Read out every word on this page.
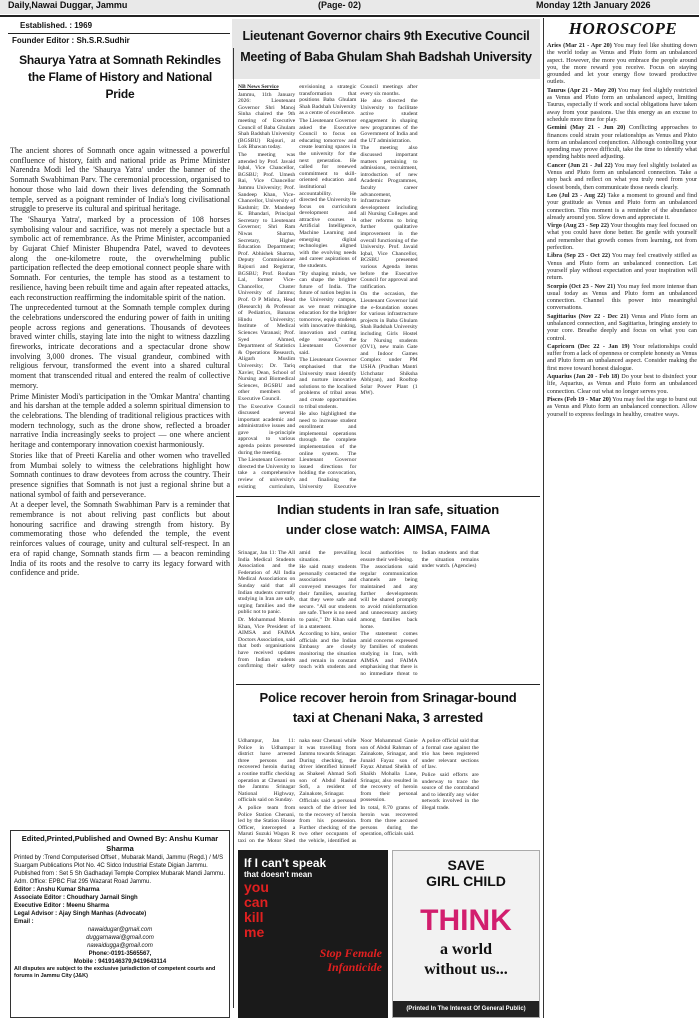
Daily,Nawai Duggar, Jammu	(Page- 02)	Monday 12th January 2026
Established. : 1969
Founder Editor : Sh.S.R.Sudhir	Lieutenant Governor chairs 9th Executive Council
Meeting of Baba Ghulam Shah Badshah University
HOROSCOPE
Shaurya Yatra at Somnath Rekindles the Flame of History and National Pride

The ancient shores of Somnath once again witnessed a powerful confluence of history, faith and national pride as Prime Minister Narendra Modi led the 'Shaurya Yatra' under the banner of the Somnath Swabhiman Parv. The ceremonial procession, organised to honour those who laid down their lives defending the Somnath temple, served as a poignant reminder of India's long civilisational struggle to preserve its cultural and spiritual heritage.

The 'Shaurya Yatra', marked by a procession of 108 horses symbolising valour and sacrifice, was not merely a spectacle but a symbolic act of remembrance. As the Prime Minister, accompanied by Gujarat Chief Minister Bhupendra Patel, waved to devotees along the one-kilometre route, the overwhelming public participation reflected the deep emotional connect people share with Somnath. For centuries, the temple has stood as a testament to resilience, having been rebuilt time and again after repeated attacks, each reconstruction reaffirming the indomitable spirit of the nation.

The unprecedented turnout at the Somnath temple complex during the celebrations underscored the enduring power of faith in uniting people across regions and generations. Thousands of devotees braved winter chills, staying late into the night to witness dazzling fireworks, intricate decorations and a spectacular drone show involving 3,000 drones. The visual grandeur, combined with religious fervour, transformed the event into a shared cultural moment that transcended ritual and entered the realm of collective memory.

Prime Minister Modi's participation in the 'Omkar Mantra' chanting and his darshan at the temple added a solemn spiritual dimension to the celebrations. The blending of traditional religious practices with modern technology, such as the drone show, reflected a broader narrative India increasingly seeks to project — one where ancient heritage and contemporary innovation coexist harmoniously.

Stories like that of Preeti Karelia and other women who travelled from Mumbai solely to witness the celebrations highlight how Somnath continues to draw devotees from across the country. Their presence signifies that Somnath is not just a regional shrine but a national symbol of faith and perseverance.

At a deeper level, the Somnath Swabhiman Parv is a reminder that remembrance is not about reliving past conflicts but about honouring sacrifice and drawing strength from history. By commemorating those who defended the temple, the event reinforces values of courage, unity and cultural self-respect. In an era of rapid change, Somnath stands firm — a beacon reminding India of its roots and the resolve to carry its legacy forward with confidence and pride.

Edited,Printed,Published and Owned By: Anshu Kumar Sharma
Printed by :Trend Computerised Offset , Mubarak Mandi, Jammu (Regd.) / M/S Suargam Publications Plot No. 4C Sidco Industrial Estate Digian Jammu.
Published from : Set 5 Sh Gadhadayi Temple Complex Mubarak Mandi Jammu.
Adm. Office: EPBC Flat 295 Wazarat Road Jammu.
Editor : Anshu Kumar Sharma
Associate Editor : Choudhary Jarnail Singh
Executive Editor : Meenu Sharma
Legal Advisor : Ajay Singh Manhas (Advocate)
Email :
nawaidugar@gmail.com
duggarnawai@gmail.com
nawaidugga@gmail.com
Phone:-0191-3565567,
Mobile : 9419146379,9419643114
All disputes are subject to the exclusive jurisdiction of competent courts and forums in Jammu City (J&K)

NB News Service

Jammu, 11th January 2026: Lieutenant Governor Shri Manoj Sinha chaired the 9th meeting of Executive Council of Baba Ghulam Shah Badshah University (BGSBU) Rajouri, at Lok Bhawan today.

The meeting was attended by Prof. Javaid Iqbal, Vice Chancellor, BGSBU; Prof. Umesh Rai, Vice Chancellor Jammu University; Prof. Sandeep Khan, Vice-Chancellor, University of Kashmir; Dr. Mandeep K. Bhandari, Principal Secretary to Lieutenant Governor; Shri Ram Niwas Sharma, Secretary, Higher Education Department; Prof. Abhishek Sharma, Deputy Commissioner Rajouri and Registrar, BGSBU; Prof. Rouhan Lal, former Vice-Chancellor, Cluster University of Jammu; Prof. O P Mishra, Head (Research) & Professor of Pediatrics, Banaras Hindu University; Institute of Medical Sciences Varanasi; Prof. Syed Ahmed, Department of Statistics & Operations Research, Aligarh Muslim University; Dr. Tariq Xavier, Dean, School of Nursing and Biomedical Sciences, BGSBU and other members of Executive Council.

The Executive Council discussed several important academic and administrative issues and gave in-principle approval to various agenda points presented during the meeting.

The Lieutenant Governor directed the University to take a comprehensive review of university's existing curriculum, envisioning a strategic transformation that positions Baba Ghulam Shah Badshah University as a centre of excellence.

The Lieutenant Governor asked the Executive Council to focus on educating tomorrow and create learning spaces in the university for the next generation. He called for renewed commitment to skill-oriented education and institutional accountability. He directed the University to focus on curriculum development and attractive courses in Artificial Intelligence, Machine Learning and emerging digital technologies aligned with the evolving needs and career aspirations of the students.

"By shaping minds, we can shape the brighter future of India. The future of nation begins in the University campus, as we must reimagine education for the brighter tomorrow, equip students with innovative thinking, innovation and cutting edge research," the Lieutenant Governor said.

The Lieutenant Governor emphasised that the University must identify and nurture innovative solutions to the localised problems of tribal areas and create opportunities to tribal students.

He also highlighted the need to increase student enrollment and implemental operations through the complete implementation of the online system. The Lieutenant Governor issued directions for holding the convocation, and finalising the University Executive Council meetings after every six months.

He also directed the University to facilitate active student engagement in shaping new programmes of the Government of India and the UT administration.

The meeting also discussed important matters pertaining to admissions, recruitment, introduction of new Academic Programmes, faculty career advancement, infrastructure development including all Nursing Colleges and other reforms to bring further qualitative improvement in the overall functioning of the University. Prof. Javaid Iqbal, Vice Chancellor, BGSBU presented various Agenda items before the Executive Council for approval and ratification.

On the occasion, the Lieutenant Governor laid the e-foundation stones for various infrastructure projects in Baba Ghulam Shah Badshah University including Girls Hostel for Nursing students (OV1), new main Gate and Indoor Games Complex under PM USHA (Pradhan Mantri Uchchatar Shiksha Abhiyan), and Rooftop Solar Power Plant (1 MW).

Indian students in Iran safe, situation
under close watch: AIMSA, FAIMA

Srinagar, Jan 11: The All India Medical Students Association and the Federation of All India Medical Associations on Sunday said that all Indian students currently studying in Iran are safe, urging families and the public not to panic.

Dr. Mohammad Momin Khan, Vice President of AIMSA and FAIMA Doctors Association, said that both organisations have received updates from Indian students confirming their safety amid the prevailing situation.

He said many students personally contacted the associations and conveyed messages for their families, assuring that they were safe and secure. "All our students are safe. There is no need to panic," Dr Khan said in a statement.

According to him, senior officials and the Indian Embassy are closely monitoring the situation and remain in constant touch with students and local authorities to ensure their well-being.

The associations said regular communication channels are being maintained and any further developments will be shared promptly to avoid misinformation and unnecessary anxiety among families back home.

The statement comes amid concerns expressed by families of students studying in Iran, with AIMSA and FAIMA emphasising that there is no immediate threat to Indian students and that the situation remains under watch. (Agencies)

Police recover heroin from Srinagar-bound
taxi at Chenani Naka, 3 arrested

Udhampur, Jan 11: Police in Udhampur district have arrested three persons and recovered heroin during a routine traffic checking operation at Chenani on the Jammu Srinagar National Highway, officials said on Sunday.

A police team from Police Station Chenani, led by the Station House Officer, intercepted a Maruti Suzuki Wagon R taxi on the Motor Shed naka near Chenani while it was travelling from Jammu towards Srinagar. During checking, the driver identified himself as Shakeel Ahmad Sofi son of Abdul Rashid Sofi, a resident of Zainakote, Srinagar.

Officials said a personal search of the driver led to the recovery of heroin from his possession. Further checking of the two other occupants of the vehicle, identified as Noor Mohammad Ganie son of Abdul Rahman of Zainakote, Srinagar, and Junaid Fayaz son of Fayaz Ahmad Sheikh of Shaikh Mohalla Lane, Srinagar, also resulted in the recovery of heroin from their personal possession.

In total, 8.70 grams of heroin was recovered from the three accused persons during the operation, officials said.

A police official said that a formal case against the trio has been registered under relevant sections of law.

Police said efforts are underway to trace the source of the contraband and to identify any wider network involved in the illegal trade.

If I can't speak
that doesn't mean
you
can
kill
me
Stop Female
Infanticide
SAVE
GIRL CHILD
THINK
a world
without us...
(Printed In The Interest Of General Public)

Aries (Mar 21 - Apr 20) You may feel like shutting down the world today as Venus and Pluto form an unbalanced aspect. However, the more you embrace the people around you, the more reward you receive. Focus on staying grounded and let your energy flow toward productive outlets.

Taurus (Apr 21 - May 20) You may feel slightly restricted as Venus and Pluto form an unbalanced aspect, limiting Taurus, especially if work and social obligations have taken away from your passions. Use this energy as an excuse to schedule more time for play.

Gemini (May 21 - Jun 20) Conflicting approaches to finances could strain your relationships as Venus and Pluto form an unbalanced conjunction. Although controlling your spending may prove difficult, take the time to identify what spending habits need adjusting.

Cancer (Jun 21 - Jul 22) You may feel slightly isolated as Venus and Pluto form an unbalanced connection. Take a step back and reflect on what you truly need from your closest bonds, then communicate those needs clearly.

Leo (Jul 23 - Aug 22) Take a moment to ground and find your gratitude as Venus and Pluto form an unbalanced connection. This moment is a reminder of the abundance already around you. Slow down and appreciate it.

Virgo (Aug 23 - Sep 22) Your thoughts may feel focused on what you could have done better. Be gentle with yourself and remember that growth comes from learning, not from perfection.

Libra (Sep 23 - Oct 22) You may feel creatively stifled as Venus and Pluto form an unbalanced connection. Let yourself play without expectation and your inspiration will return.

Scorpio (Oct 23 - Nov 21) You may feel more intense than usual today as Venus and Pluto form an unbalanced connection. Channel this power into meaningful conversations.

Sagittarius (Nov 22 - Dec 21) Venus and Pluto form an unbalanced connection, and Sagittarius, bringing anxiety to your core. Breathe deeply and focus on what you can control.

Capricorn (Dec 22 - Jan 19) Your relationships could suffer from a lack of openness or complete honesty as Venus and Pluto form an unbalanced aspect. Consider making the first move toward honest dialogue.

Aquarius (Jan 20 - Feb 18) Do your best to disinfect your life, Aquarius, as Venus and Pluto form an unbalanced connection. Clear out what no longer serves you.

Pisces (Feb 19 - Mar 20) You may feel the urge to burst out as Venus and Pluto form an unbalanced connection. Allow yourself to express feelings in healthy, creative ways.
